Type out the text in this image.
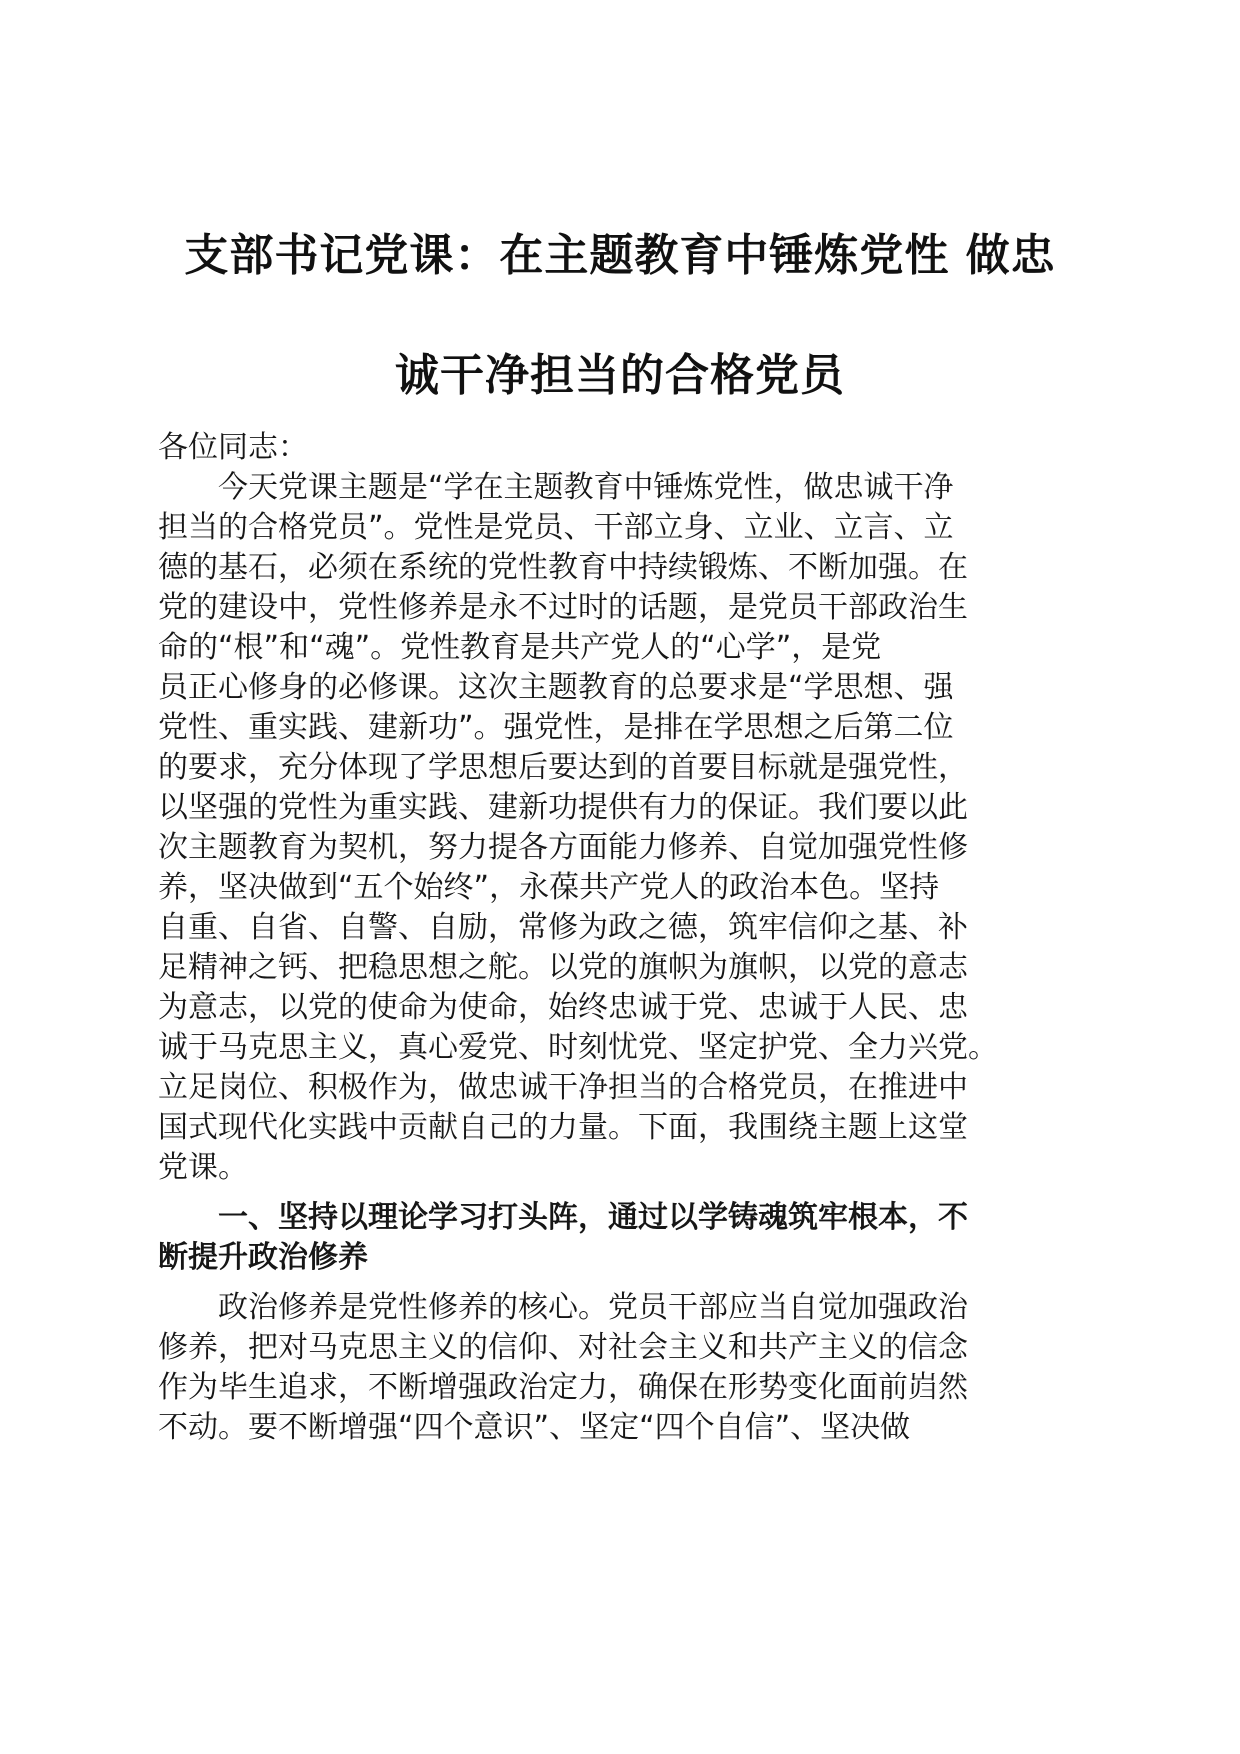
支部书记党课：在主题教育中锤炼党性 做忠
诚干净担当的合格党员
各位同志：
今天党课主题是“学在主题教育中锤炼党性，做忠诚干净
担当的合格党员”。党性是党员、干部立身、立业、立言、立
德的基石，必须在系统的党性教育中持续锻炼、不断加强。在
党的建设中，党性修养是永不过时的话题，是党员干部政治生
命的“根”和“魂”。党性教育是共产党人的“心学”，是党
员正心修身的必修课。这次主题教育的总要求是“学思想、强
党性、重实践、建新功”。强党性，是排在学思想之后第二位
的要求，充分体现了学思想后要达到的首要目标就是强党性，
以坚强的党性为重实践、建新功提供有力的保证。我们要以此
次主题教育为契机，努力提各方面能力修养、自觉加强党性修
养，坚决做到“五个始终”，永葆共产党人的政治本色。坚持
自重、自省、自警、自励，常修为政之德，筑牢信仰之基、补
足精神之钙、把稳思想之舵。以党的旗帜为旗帜，以党的意志
为意志，以党的使命为使命，始终忠诚于党、忠诚于人民、忠
诚于马克思主义，真心爱党、时刻忧党、坚定护党、全力兴党。
立足岗位、积极作为，做忠诚干净担当的合格党员，在推进中
国式现代化实践中贡献自己的力量。下面，我围绕主题上这堂
党课。
一、坚持以理论学习打头阵，通过以学铸魂筑牢根本，不
断提升政治修养
政治修养是党性修养的核心。党员干部应当自觉加强政治
修养，把对马克思主义的信仰、对社会主义和共产主义的信念
作为毕生追求，不断增强政治定力，确保在形势变化面前岿然
不动。要不断增强“四个意识”、坚定“四个自信”、坚决做
